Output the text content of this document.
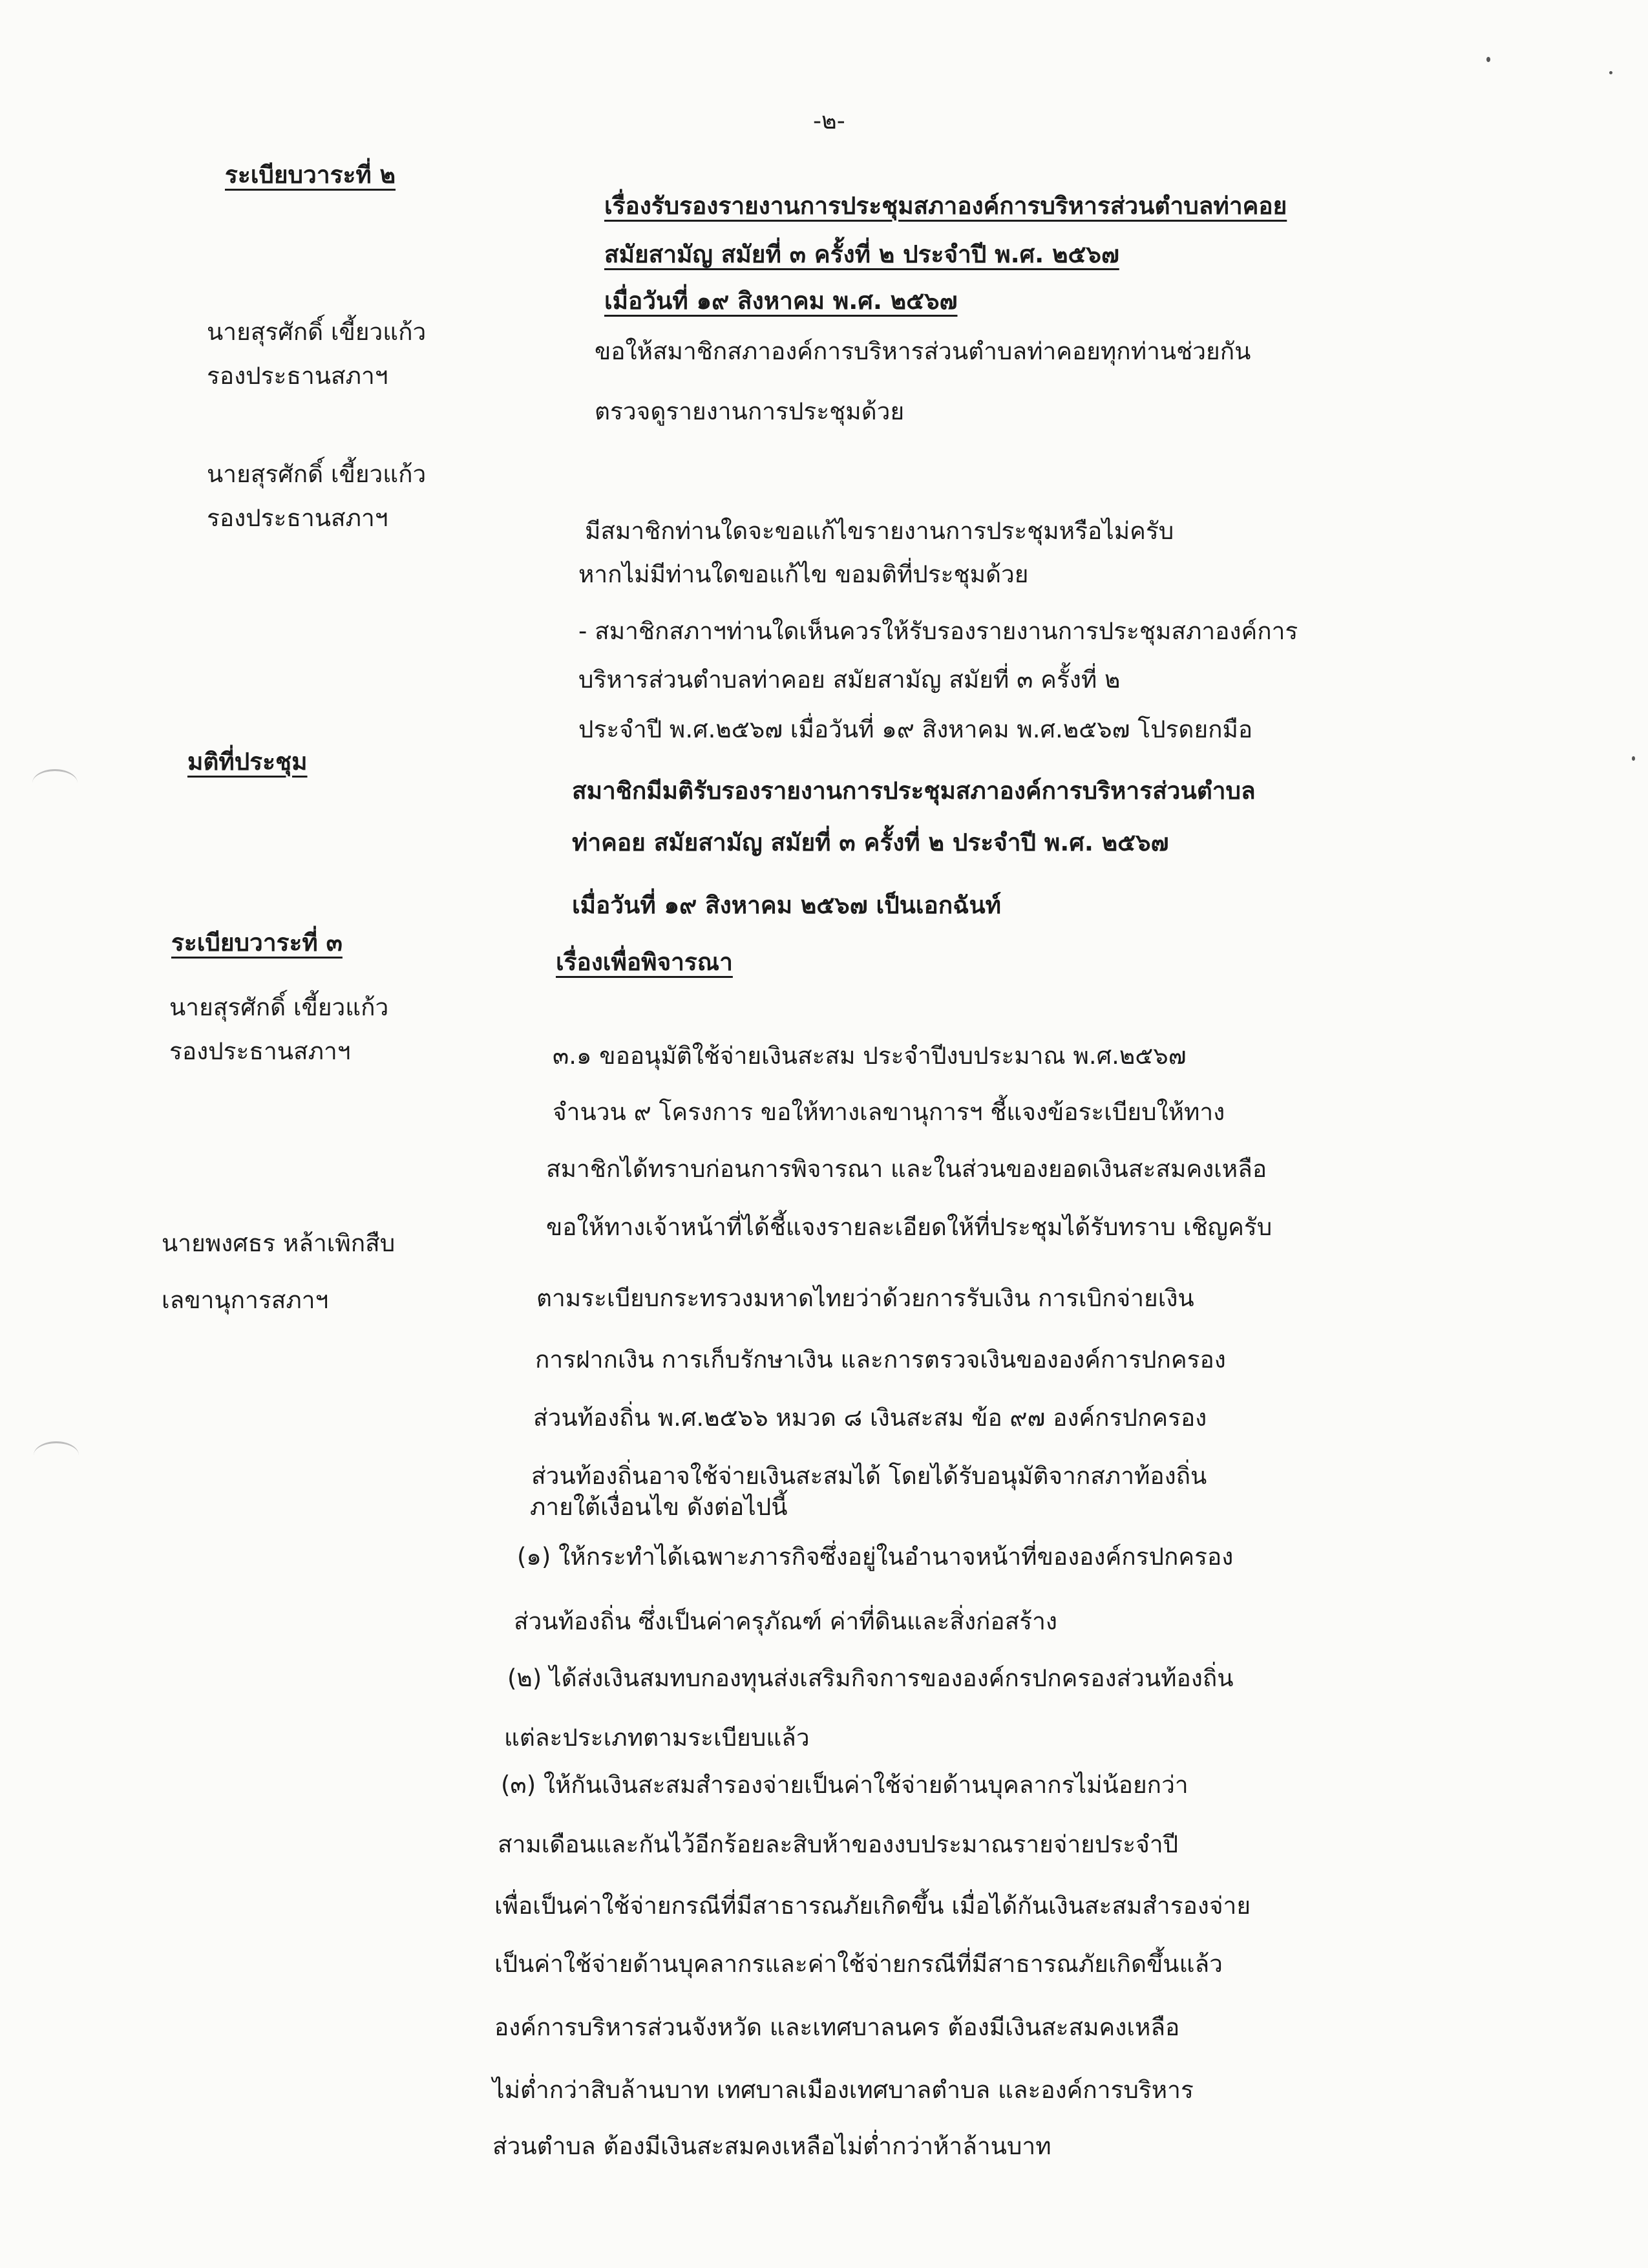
-๒-
ระเบียบวาระที่ ๒
เรื่องรับรองรายงานการประชุมสภาองค์การบริหารส่วนตำบลท่าคอย
สมัยสามัญ สมัยที่ ๓ ครั้งที่ ๒ ประจำปี พ.ศ. ๒๕๖๗
เมื่อวันที่ ๑๙ สิงหาคม พ.ศ. ๒๕๖๗
นายสุรศักดิ์ เขี้ยวแก้ว
รองประธานสภาฯ
ขอให้สมาชิกสภาองค์การบริหารส่วนตำบลท่าคอยทุกท่านช่วยกัน
ตรวจดูรายงานการประชุมด้วย
นายสุรศักดิ์ เขี้ยวแก้ว
รองประธานสภาฯ	มีสมาชิกท่านใดจะขอแก้ไขรายงานการประชุมหรือไม่ครับ
หากไม่มีท่านใดขอแก้ไข ขอมติที่ประชุมด้วย
- สมาชิกสภาฯท่านใดเห็นควรให้รับรองรายงานการประชุมสภาองค์การ
บริหารส่วนตำบลท่าคอย สมัยสามัญ สมัยที่ ๓ ครั้งที่ ๒
ประจำปี พ.ศ.๒๕๖๗ เมื่อวันที่ ๑๙ สิงหาคม พ.ศ.๒๕๖๗ โปรดยกมือ
มติที่ประชุม
สมาชิกมีมติรับรองรายงานการประชุมสภาองค์การบริหารส่วนตำบล
ท่าคอย สมัยสามัญ สมัยที่ ๓ ครั้งที่ ๒ ประจำปี พ.ศ. ๒๕๖๗
เมื่อวันที่ ๑๙ สิงหาคม ๒๕๖๗ เป็นเอกฉันท์
ระเบียบวาระที่ ๓
เรื่องเพื่อพิจารณา
นายสุรศักดิ์ เขี้ยวแก้ว
รองประธานสภาฯ	๓.๑ ขออนุมัติใช้จ่ายเงินสะสม ประจำปีงบประมาณ พ.ศ.๒๕๖๗
จำนวน ๙ โครงการ ขอให้ทางเลขานุการฯ ชี้แจงข้อระเบียบให้ทาง
สมาชิกได้ทราบก่อนการพิจารณา และในส่วนของยอดเงินสะสมคงเหลือ
ขอให้ทางเจ้าหน้าที่ได้ชี้แจงรายละเอียดให้ที่ประชุมได้รับทราบ เชิญครับ
นายพงศธร หล้าเพิกสืบ
เลขานุการสภาฯ	ตามระเบียบกระทรวงมหาดไทยว่าด้วยการรับเงิน การเบิกจ่ายเงิน
การฝากเงิน การเก็บรักษาเงิน และการตรวจเงินขององค์การปกครอง
ส่วนท้องถิ่น พ.ศ.๒๕๖๖ หมวด ๘ เงินสะสม ข้อ ๙๗ องค์กรปกครอง
ส่วนท้องถิ่นอาจใช้จ่ายเงินสะสมได้ โดยได้รับอนุมัติจากสภาท้องถิ่น
ภายใต้เงื่อนไข ดังต่อไปนี้
(๑) ให้กระทำได้เฉพาะภารกิจซึ่งอยู่ในอำนาจหน้าที่ขององค์กรปกครอง
ส่วนท้องถิ่น ซึ่งเป็นค่าครุภัณฑ์ ค่าที่ดินและสิ่งก่อสร้าง
(๒) ได้ส่งเงินสมทบกองทุนส่งเสริมกิจการขององค์กรปกครองส่วนท้องถิ่น
แต่ละประเภทตามระเบียบแล้ว
(๓) ให้กันเงินสะสมสำรองจ่ายเป็นค่าใช้จ่ายด้านบุคลากรไม่น้อยกว่า
สามเดือนและกันไว้อีกร้อยละสิบห้าของงบประมาณรายจ่ายประจำปี
เพื่อเป็นค่าใช้จ่ายกรณีที่มีสาธารณภัยเกิดขึ้น เมื่อได้กันเงินสะสมสำรองจ่าย
เป็นค่าใช้จ่ายด้านบุคลากรและค่าใช้จ่ายกรณีที่มีสาธารณภัยเกิดขึ้นแล้ว
องค์การบริหารส่วนจังหวัด และเทศบาลนคร ต้องมีเงินสะสมคงเหลือ
ไม่ต่ำกว่าสิบล้านบาท เทศบาลเมืองเทศบาลตำบล และองค์การบริหาร
ส่วนตำบล ต้องมีเงินสะสมคงเหลือไม่ต่ำกว่าห้าล้านบาท
